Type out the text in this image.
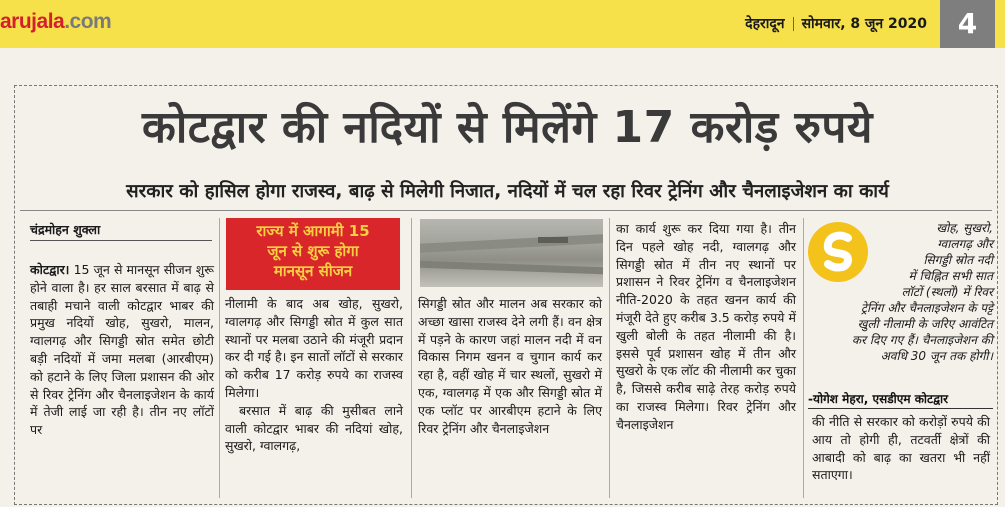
arujala.com	देहरादून सोमवार, 8 जून 2020	4
कोटद्वार की नदियों से मिलेंगे 17 करोड़ रुपये
सरकार को हासिल होगा राजस्व, बाढ़ से मिलेगी निजात, नदियों में चल रहा रिवर ट्रेनिंग और चैनलाइजेशन का कार्य
चंद्रमोहन शुक्ला

कोटद्वार। 15 जून से मानसून सीजन शुरू होने वाला है। हर साल बरसात में बाढ़ से तबाही मचाने वाली कोटद्वार भाबर की प्रमुख नदियों खोह, सुखरो, मालन, ग्वालगढ़ और सिगड्डी स्रोत समेत छोटी बड़ी नदियों में जमा मलबा (आरबीएम) को हटाने के लिए जिला प्रशासन की ओर से रिवर ट्रेनिंग और चैनलाइजेशन के कार्य में तेजी लाई जा रही है। तीन नए लॉटों पर

राज्य में आगामी 15
जून से शुरू होगा
मानसून सीजन

नीलामी के बाद अब खोह, सुखरो, ग्वालगढ़ और सिगड्डी स्रोत में कुल सात स्थानों पर मलबा उठाने की मंजूरी प्रदान कर दी गई है। इन सातों लॉटों से सरकार को करीब 17 करोड़ रुपये का राजस्व मिलेगा।

बरसात में बाढ़ की मुसीबत लाने वाली कोटद्वार भाबर की नदियां खोह, सुखरो, ग्वालगढ़,

सिगड्डी स्रोत और मालन अब सरकार को अच्छा खासा राजस्व देने लगी हैं। वन क्षेत्र में पड़ने के कारण जहां मालन नदी में वन विकास निगम खनन व चुगान कार्य कर रहा है, वहीं खोह में चार स्थलों, सुखरो में एक, ग्वालगढ़ में एक और सिगड्डी स्रोत में एक प्लॉट पर आरबीएम हटाने के लिए रिवर ट्रेनिंग और चैनलाइजेशन

का कार्य शुरू कर दिया गया है। तीन दिन पहले खोह नदी, ग्वालगढ़ और सिगड्डी स्रोत में तीन नए स्थानों पर प्रशासन ने रिवर ट्रेनिंग व चैनलाइजेशन नीति-2020 के तहत खनन कार्य की मंजूरी देते हुए करीब 3.5 करोड़ रुपये में खुली बोली के तहत नीलामी की है। इससे पूर्व प्रशासन खोह में तीन और सुखरो के एक लॉट की नीलामी कर चुका है, जिससे करीब साढ़े तेरह करोड़ रुपये का राजस्व मिलेगा। रिवर ट्रेनिंग और चैनलाइजेशन

खोह, सुखरो,
ग्वालगढ़ और
सिगड्डी स्रोत नदी
में चिह्नित सभी सात
लॉटों (स्थलों) में रिवर
ट्रेनिंग और चैनलाइजेशन के पट्टे
खुली नीलामी के जरिए आवंटित
कर दिए गए हैं। चैनलाइजेशन की
अवधि 30 जून तक होगी।
-योगेश मेहरा, एसडीएम कोटद्वार

की नीति से सरकार को करोड़ों रुपये की आय तो होगी ही, तटवर्ती क्षेत्रों की आबादी को बाढ़ का खतरा भी नहीं सताएगा।
